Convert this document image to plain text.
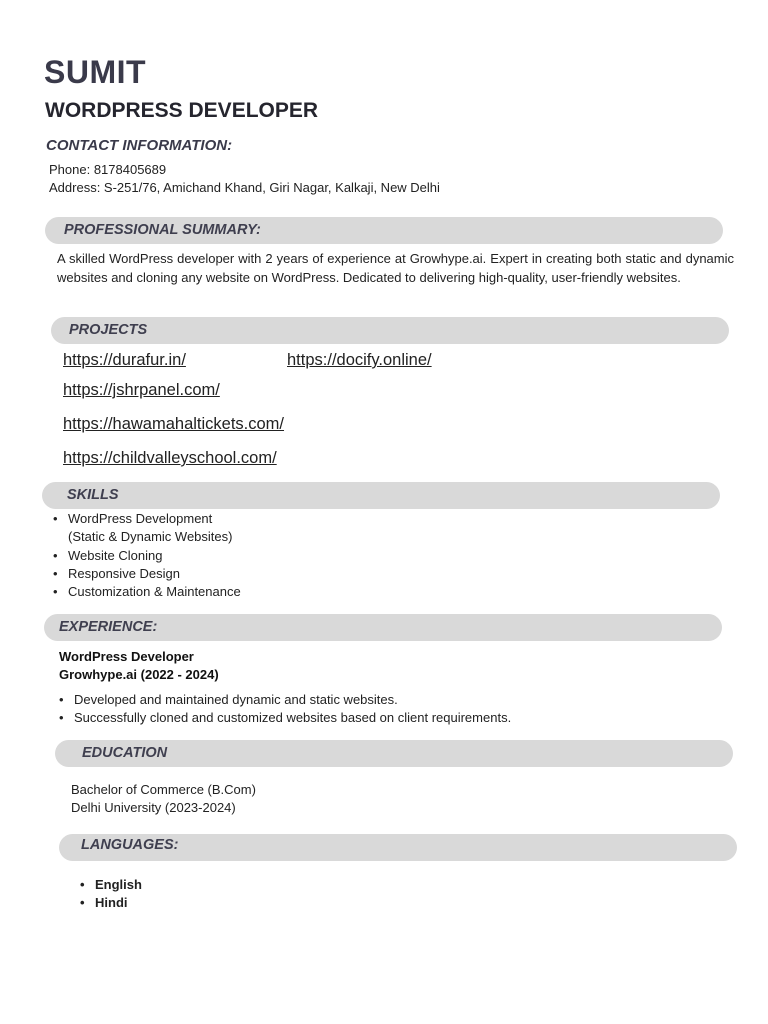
SUMIT
WORDPRESS DEVELOPER
CONTACT INFORMATION:
Phone: 8178405689
Address: S-251/76, Amichand Khand, Giri Nagar, Kalkaji, New Delhi
PROFESSIONAL SUMMARY:
A skilled WordPress developer with 2 years of experience at Growhype.ai. Expert in creating both static and dynamic websites and cloning any website on WordPress. Dedicated to delivering high-quality, user-friendly websites.
PROJECTS
https://durafur.in/	https://docify.online/
https://jshrpanel.com/
https://hawamahaltickets.com/
https://childvalleyschool.com/
SKILLS
• WordPress Development
(Static & Dynamic Websites)
• Website Cloning
• Responsive Design
• Customization & Maintenance
EXPERIENCE:
WordPress Developer
Growhype.ai (2022 - 2024)
• Developed and maintained dynamic and static websites.
• Successfully cloned and customized websites based on client requirements.
EDUCATION
Bachelor of Commerce (B.Com)
Delhi University (2023-2024)
LANGUAGES:
• English
• Hindi
